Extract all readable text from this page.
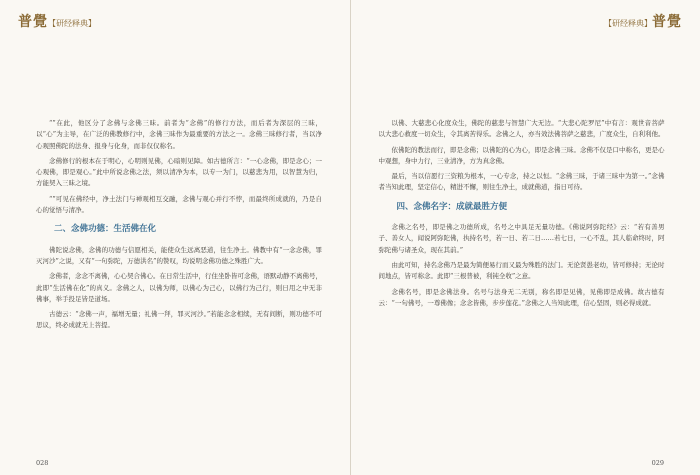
普覺【研经释典】

“”在此，他区分了念佛与念佛三昧。前者为“念佛”的修行方法，而后者为深层的三昧，以“心”为主导，在广泛的佛教修行中，念佛三昧作为最重要的方法之一。念佛三昧修行者，当以净心观照佛陀的法身、报身与化身，而非仅仅称名。

念佛修行的根本在于明心，心明则见佛，心暗则见障。如古德所言：“一心念佛，即是念心；一心观佛，即是观心。”此中所说念佛之法，须以清净为本，以专一为门，以慈悲为用，以智慧为归，方能契入三昧之境。

“”可见在佛经中，净土法门与禅观相互交融，念佛与观心并行不悖，而最终所成就的，乃是自心的觉悟与清净。

二、念佛功德：生活佛在化

佛陀说念佛，念佛的功德与信愿相关，能使众生远离恶道，往生净土。佛教中有“一念念佛，罪灭河沙”之说，又有“一句弥陀，万德洪名”的赞叹，均说明念佛功德之殊胜广大。

念佛者，念念不离佛，心心契合佛心。在日常生活中，行住坐卧皆可念佛，语默动静不离佛号，此即“生活佛在化”的真义。念佛之人，以佛为师，以佛心为己心，以佛行为己行，则日用之中无非佛事，举手投足皆是道场。

古德云：“念佛一声，福增无量；礼佛一拜，罪灭河沙。”若能念念相续，无有间断，则功德不可思议，终必成就无上菩提。

028
【研经释典】普覺

以佛、大慈悲心化度众生，佛陀的慈悲与智慧广大无边。“大悲心陀罗尼”中有言：观世音菩萨以大悲心救度一切众生，令其离苦得乐。念佛之人，亦当效法佛菩萨之慈悲，广度众生，自利利他。

依佛陀的教法而行，即是念佛；以佛陀的心为心，即是念佛三昧。念佛不仅是口中称名，更是心中观想，身中力行，三业清净，方为真念佛。

最后，当以信愿行三资粮为根本，一心专念，持之以恒。“念佛三昧，于诸三昧中为第一。”念佛者当知此理，坚定信心，精进不懈，则往生净土，成就佛道，指日可待。

四、念佛名字：成就最胜方便

念佛之名号，即是佛之功德所成，名号之中具足无量功德。《佛说阿弥陀经》云：“若有善男子、善女人，闻说阿弥陀佛，执持名号，若一日、若二日……若七日，一心不乱，其人临命终时，阿弥陀佛与诸圣众，现在其前。”

由此可知，持名念佛乃是最为简便易行而又最为殊胜的法门。无论贤愚老幼，皆可修持；无论时间地点，皆可称念。此即“三根普被，利钝全收”之意。

念佛名号，即是念佛法身。名号与法身无二无别，称名即是见佛，见佛即是成佛。故古德有云：“一句佛号，一尊佛像；念念皆佛，步步莲花。”念佛之人当知此理，信心坚固，则必得成就。

029
